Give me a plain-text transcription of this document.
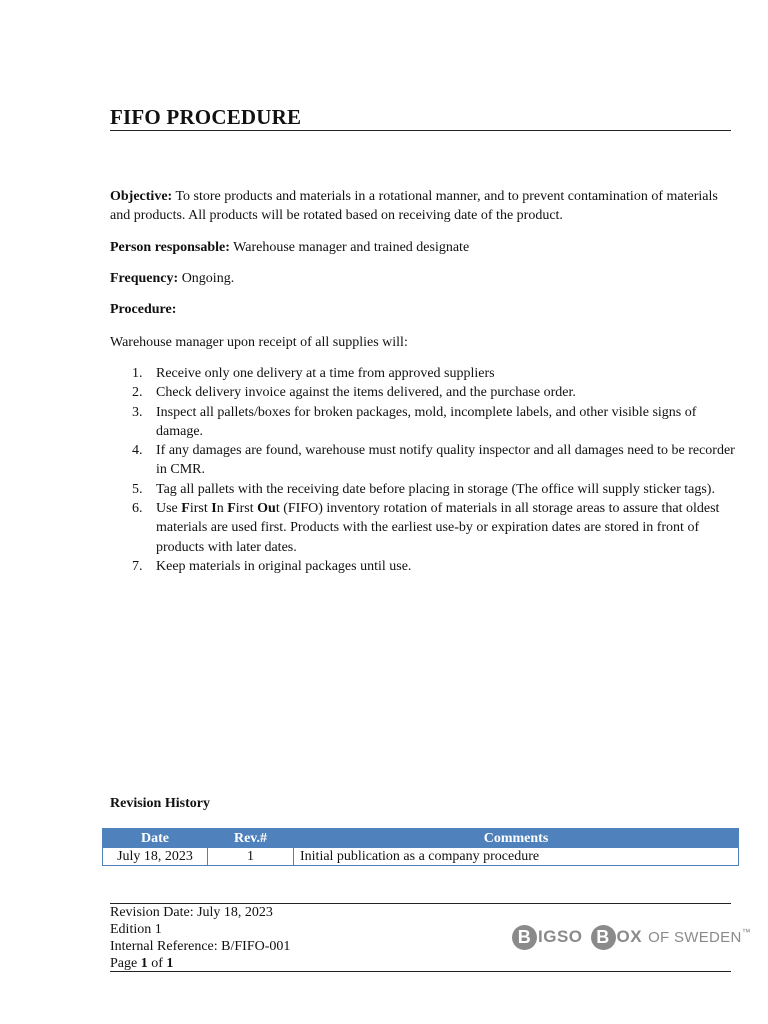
FIFO PROCEDURE

Objective: To store products and materials in a rotational manner, and to prevent contamination of materials and products. All products will be rotated based on receiving date of the product.

Person responsable: Warehouse manager and trained designate

Frequency: Ongoing.

Procedure:

Warehouse manager upon receipt of all supplies will:

1. Receive only one delivery at a time from approved suppliers
2. Check delivery invoice against the items delivered, and the purchase order.
3. Inspect all pallets/boxes for broken packages, mold, incomplete labels, and other visible signs of damage.
4. If any damages are found, warehouse must notify quality inspector and all damages need to be recorder in CMR.
5. Tag all pallets with the receiving date before placing in storage (The office will supply sticker tags).
6. Use First In First Out (FIFO) inventory rotation of materials in all storage areas to assure that oldest materials are used first. Products with the earliest use-by or expiration dates are stored in front of products with later dates.
7. Keep materials in original packages until use.
Revision History
Date	Rev.#	Comments
July 18, 2023	1	Initial publication as a company procedure
Revision Date: July 18, 2023
Edition 1
Internal Reference: B/FIFO-001
Page 1 of 1
B IGSO B OX OF SWEDEN ™
